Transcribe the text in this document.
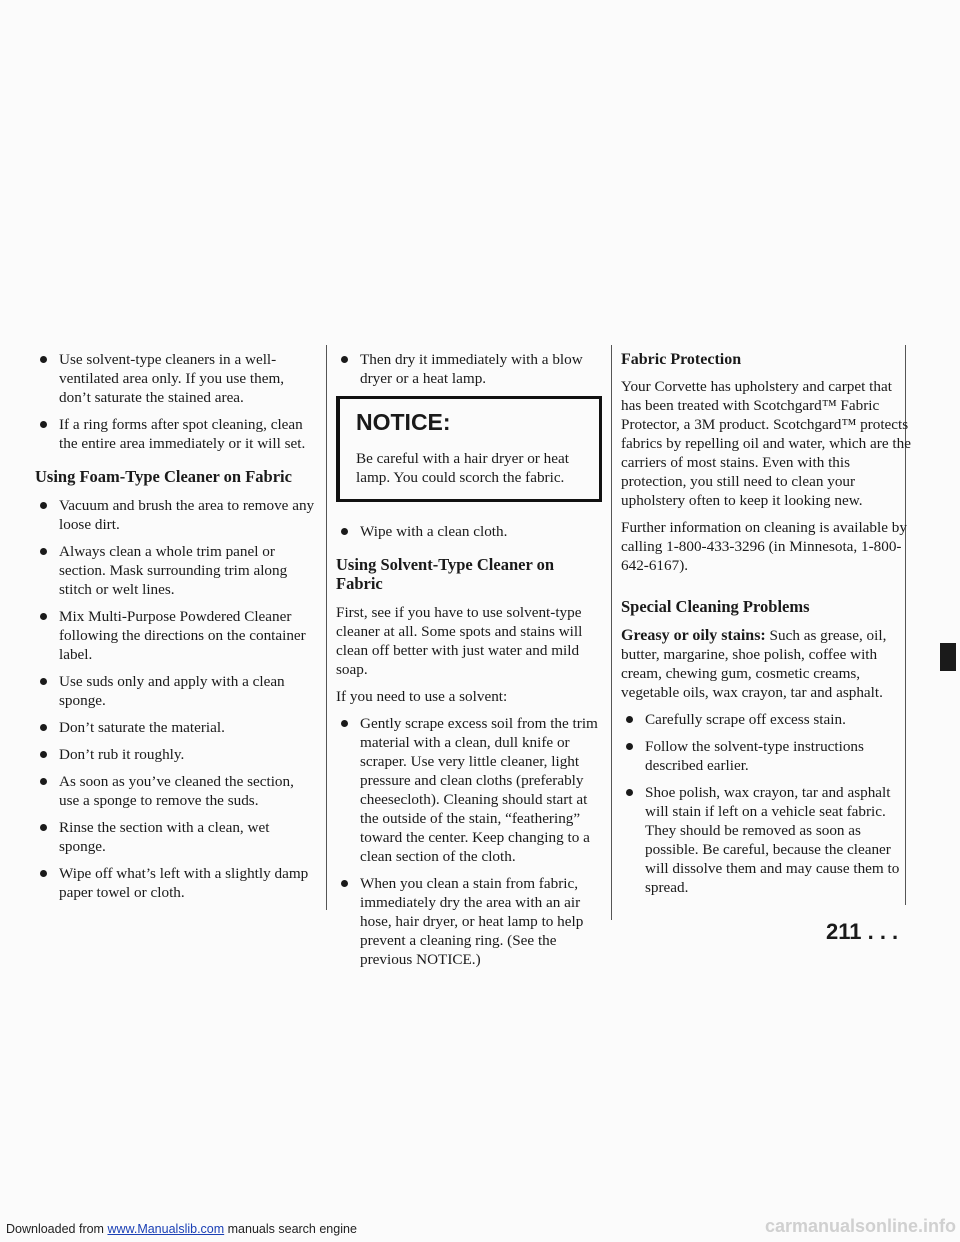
Use solvent-type cleaners in a well-ventilated area only. If you use them, don’t saturate the stained area.
If a ring forms after spot cleaning, clean the entire area immediately or it will set.
Using Foam-Type Cleaner on Fabric
Vacuum and brush the area to remove any loose dirt.
Always clean a whole trim panel or section. Mask surrounding trim along stitch or welt lines.
Mix Multi-Purpose Powdered Cleaner following the directions on the container label.
Use suds only and apply with a clean sponge.
Don’t saturate the material.
Don’t rub it roughly.
As soon as you’ve cleaned the section, use a sponge to remove the suds.
Rinse the section with a clean, wet sponge.
Wipe off what’s left with a slightly damp paper towel or cloth.
Then dry it immediately with a blow dryer or a heat lamp.
NOTICE:
Be careful with a hair dryer or heat lamp. You could scorch the fabric.
Wipe with a clean cloth.
Using Solvent-Type Cleaner on Fabric
First, see if you have to use solvent-type cleaner at all. Some spots and stains will clean off better with just water and mild soap.
If you need to use a solvent:
Gently scrape excess soil from the trim material with a clean, dull knife or scraper. Use very little cleaner, light pressure and clean cloths (preferably cheesecloth). Cleaning should start at the outside of the stain, “feathering” toward the center. Keep changing to a clean section of the cloth.
When you clean a stain from fabric, immediately dry the area with an air hose, hair dryer, or heat lamp to help prevent a cleaning ring. (See the previous NOTICE.)
Fabric Protection
Your Corvette has upholstery and carpet that has been treated with Scotchgard™ Fabric Protector, a 3M product. Scotchgard™ protects fabrics by repelling oil and water, which are the carriers of most stains. Even with this protection, you still need to clean your upholstery often to keep it looking new.
Further information on cleaning is available by calling 1-800-433-3296 (in Minnesota, 1-800-642-6167).
Special Cleaning Problems
Greasy or oily stains: Such as grease, oil, butter, margarine, shoe polish, coffee with cream, chewing gum, cosmetic creams, vegetable oils, wax crayon, tar and asphalt.
Carefully scrape off excess stain.
Follow the solvent-type instructions described earlier.
Shoe polish, wax crayon, tar and asphalt will stain if left on a vehicle seat fabric. They should be removed as soon as possible. Be careful, because the cleaner will dissolve them and may cause them to spread.
211 . . .
Downloaded from www.Manualslib.com manuals search engine	carmanualsonline.info
